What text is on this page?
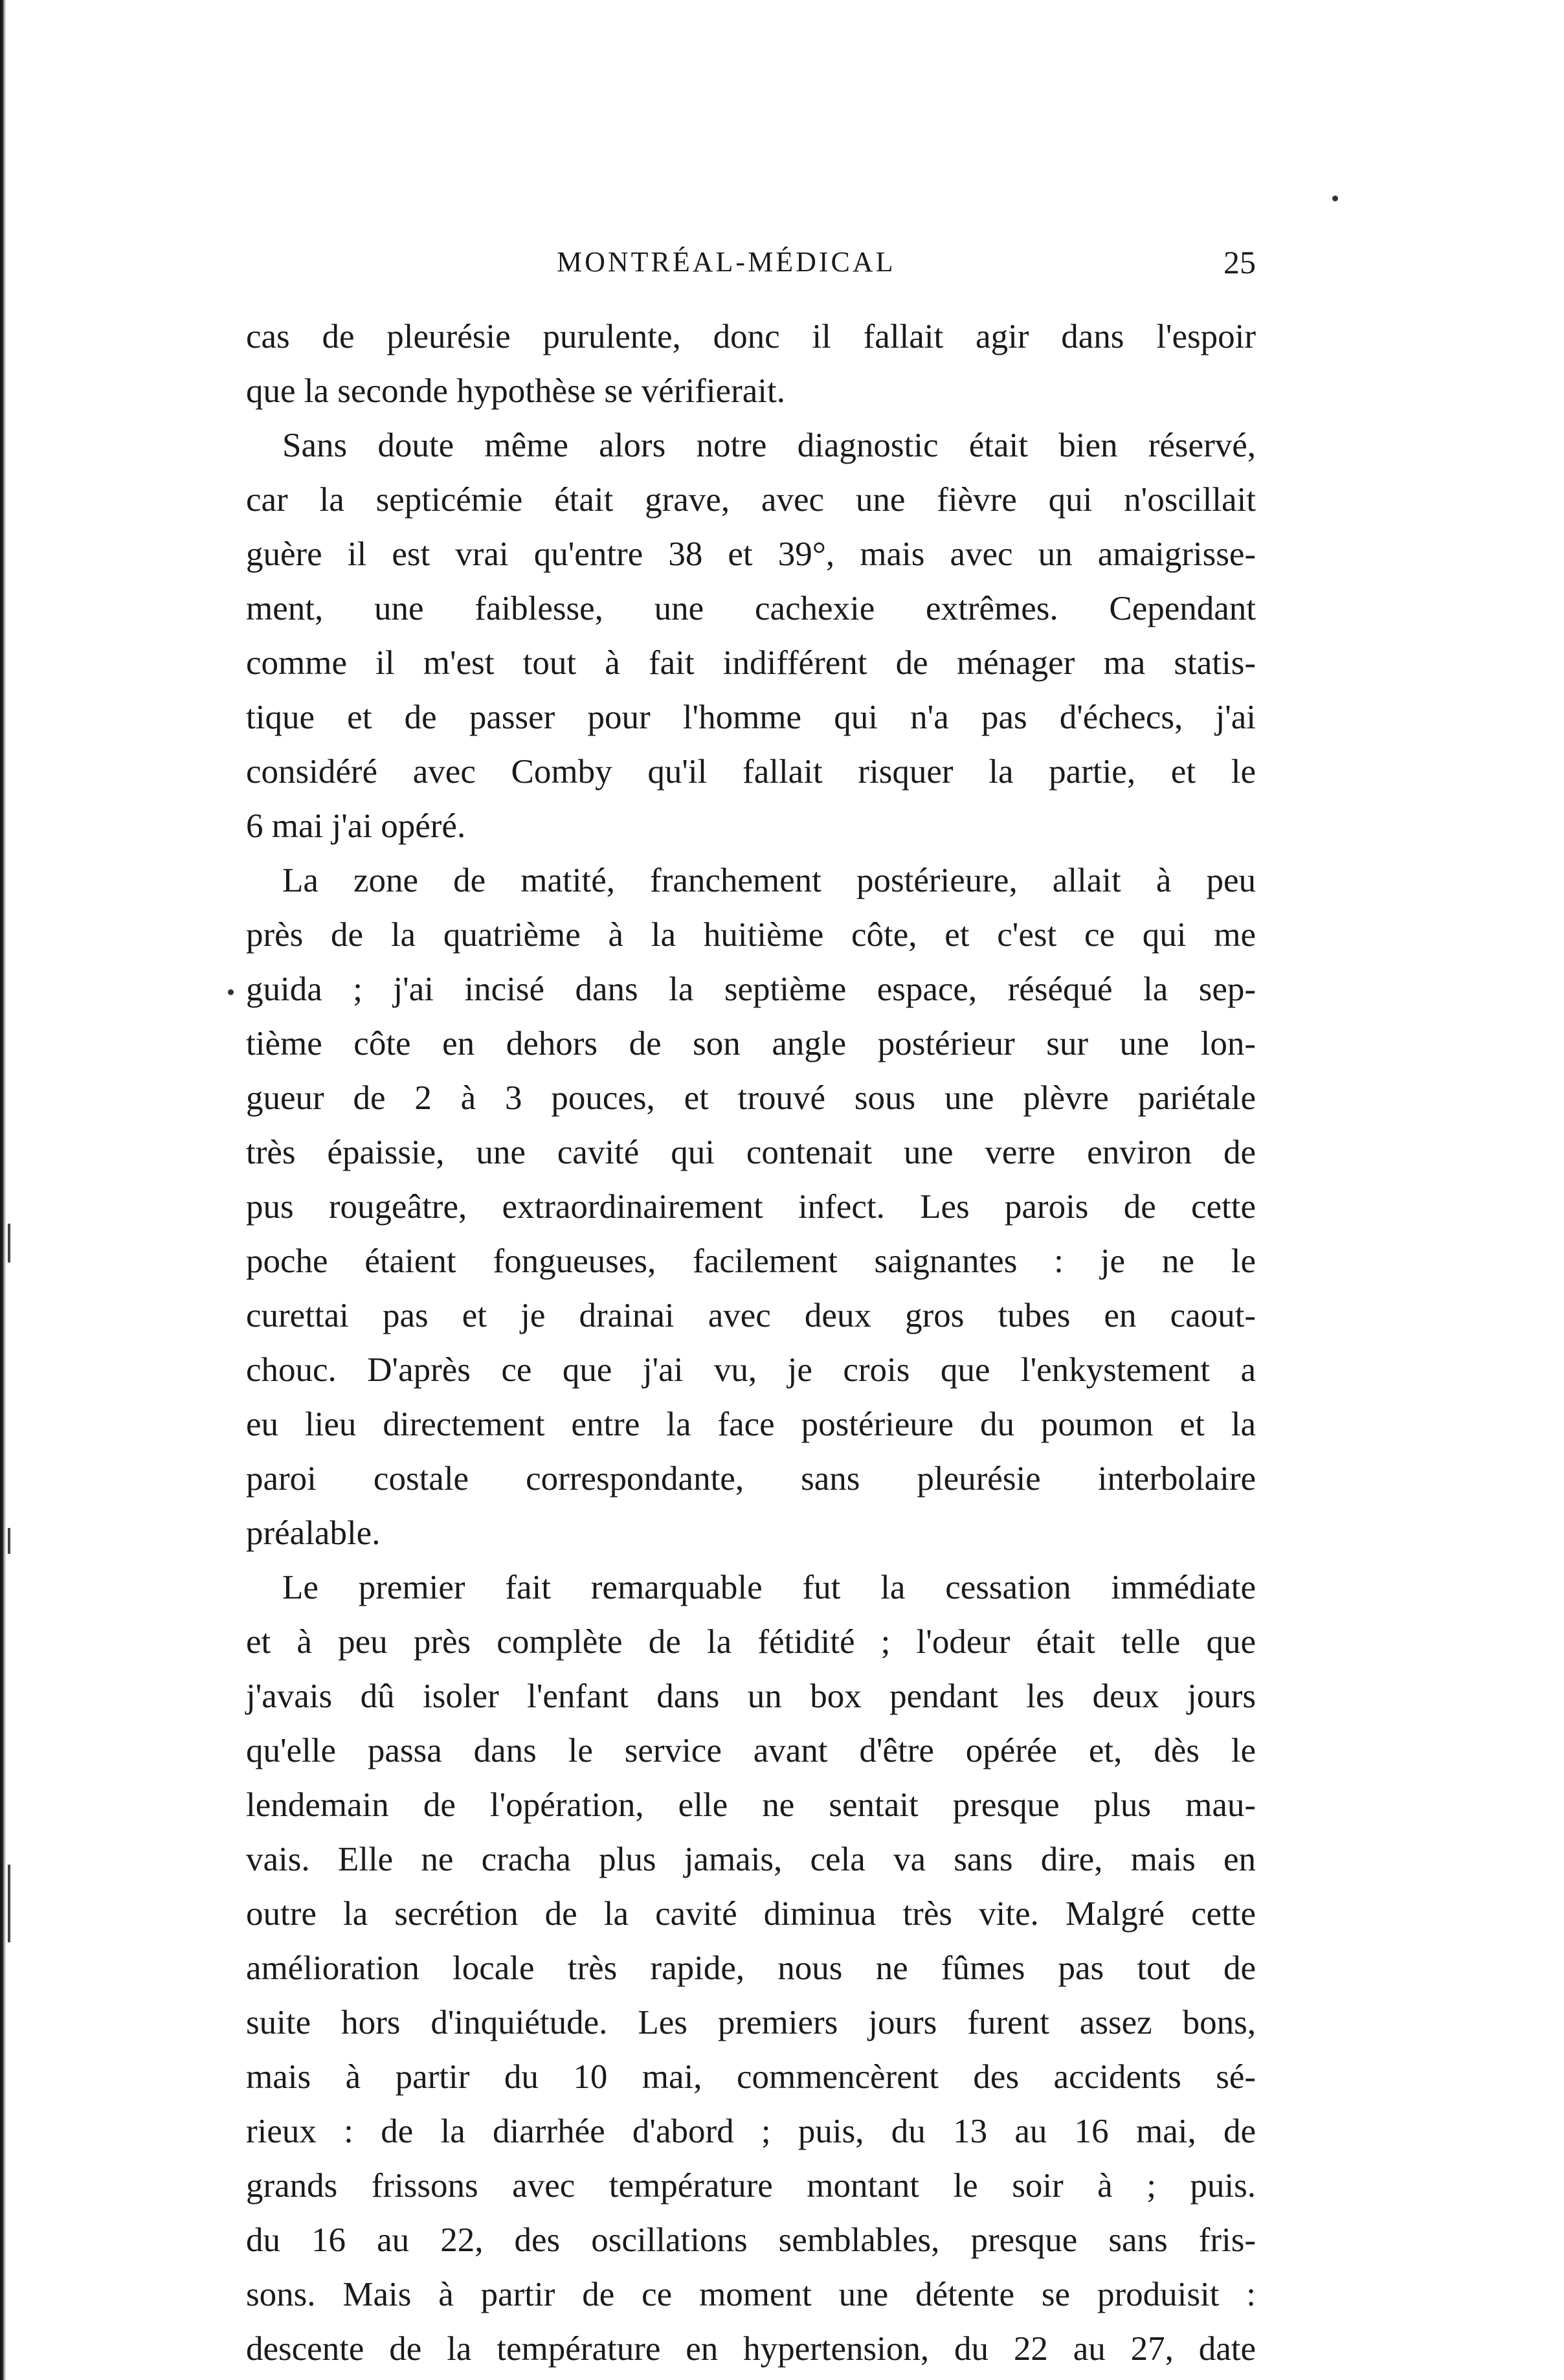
MONTRÉAL-MÉDICAL	25
cas de pleurésie purulente, donc il fallait agir dans l'espoir
que la seconde hypothèse se vérifierait.
Sans doute même alors notre diagnostic était bien réservé,
car la septicémie était grave, avec une fièvre qui n'oscillait
guère il est vrai qu'entre 38 et 39°, mais avec un amaigrisse-
ment, une faiblesse, une cachexie extrêmes. Cependant
comme il m'est tout à fait indifférent de ménager ma statis-
tique et de passer pour l'homme qui n'a pas d'échecs, j'ai
considéré avec Comby qu'il fallait risquer la partie, et le
6 mai j'ai opéré.
La zone de matité, franchement postérieure, allait à peu
près de la quatrième à la huitième côte, et c'est ce qui me
guida ; j'ai incisé dans la septième espace, réséqué la sep-
tième côte en dehors de son angle postérieur sur une lon-
gueur de 2 à 3 pouces, et trouvé sous une plèvre pariétale
très épaissie, une cavité qui contenait une verre environ de
pus rougeâtre, extraordinairement infect. Les parois de cette
poche étaient fongueuses, facilement saignantes : je ne le
curettai pas et je drainai avec deux gros tubes en caout-
chouc. D'après ce que j'ai vu, je crois que l'enkystement a
eu lieu directement entre la face postérieure du poumon et la
paroi costale correspondante, sans pleurésie interbolaire
préalable.
Le premier fait remarquable fut la cessation immédiate
et à peu près complète de la fétidité ; l'odeur était telle que
j'avais dû isoler l'enfant dans un box pendant les deux jours
qu'elle passa dans le service avant d'être opérée et, dès le
lendemain de l'opération, elle ne sentait presque plus mau-
vais. Elle ne cracha plus jamais, cela va sans dire, mais en
outre la secrétion de la cavité diminua très vite. Malgré cette
amélioration locale très rapide, nous ne fûmes pas tout de
suite hors d'inquiétude. Les premiers jours furent assez bons,
mais à partir du 10 mai, commencèrent des accidents sé-
rieux : de la diarrhée d'abord ; puis, du 13 au 16 mai, de
grands frissons avec température montant le soir à ; puis.
du 16 au 22, des oscillations semblables, presque sans fris-
sons. Mais à partir de ce moment une détente se produisit :
descente de la température en hypertension, du 22 au 27, date
